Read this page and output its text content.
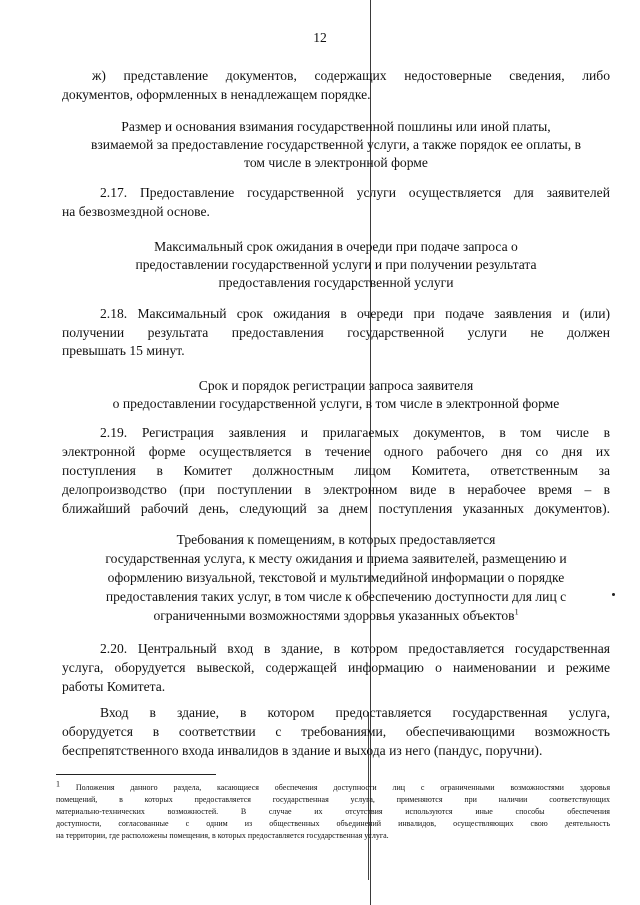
12

ж) представление документов, содержащих недостоверные сведения, либо

документов, оформленных в ненадлежащем порядке.

Размер и основания взимания государственной пошлины или иной платы,

взимаемой за предоставление государственной услуги, а также порядок ее оплаты, в

том числе в электронной форме

2.17. Предоставление государственной услуги осуществляется для заявителей

на безвозмездной основе.

Максимальный срок ожидания в очереди при подаче запроса о

предоставлении государственной услуги и при получении результата

предоставления государственной услуги

2.18. Максимальный срок ожидания в очереди при подаче заявления и (или)

получении результата предоставления государственной услуги не должен

превышать 15 минут.

Срок и порядок регистрации запроса заявителя

о предоставлении государственной услуги, в том числе в электронной форме

2.19. Регистрация заявления и прилагаемых документов, в том числе в

электронной форме осуществляется в течение одного рабочего дня со дня их

поступления в Комитет должностным лицом Комитета, ответственным за

делопроизводство (при поступлении в электронном виде в нерабочее время – в

ближайший рабочий день, следующий за днем поступления указанных документов).

Требования к помещениям, в которых предоставляется

государственная услуга, к месту ожидания и приема заявителей, размещению и

оформлению визуальной, текстовой и мультимедийной информации о порядке

предоставления таких услуг, в том числе к обеспечению доступности для лиц с

ограниченными возможностями здоровья указанных объектов$^1$

2.20. Центральный вход в здание, в котором предоставляется государственная

услуга, оборудуется вывеской, содержащей информацию о наименовании и режиме

работы Комитета.

Вход в здание, в котором предоставляется государственная услуга,

оборудуется в соответствии с требованиями, обеспечивающими возможность

беспрепятственного входа инвалидов в здание и выхода из него (пандус, поручни).

$^1$ Положения данного раздела, касающиеся обеспечения доступности лиц с ограниченными возможностями здоровья

помещений, в которых предоставляется государственная услуга, применяются при наличии соответствующих

материально-технических возможностей. В случае их отсутствия используются иные способы обеспечения

доступности, согласованные с одним из общественных объединений инвалидов, осуществляющих свою деятельность

на территории, где расположены помещения, в которых предоставляется государственная услуга.
